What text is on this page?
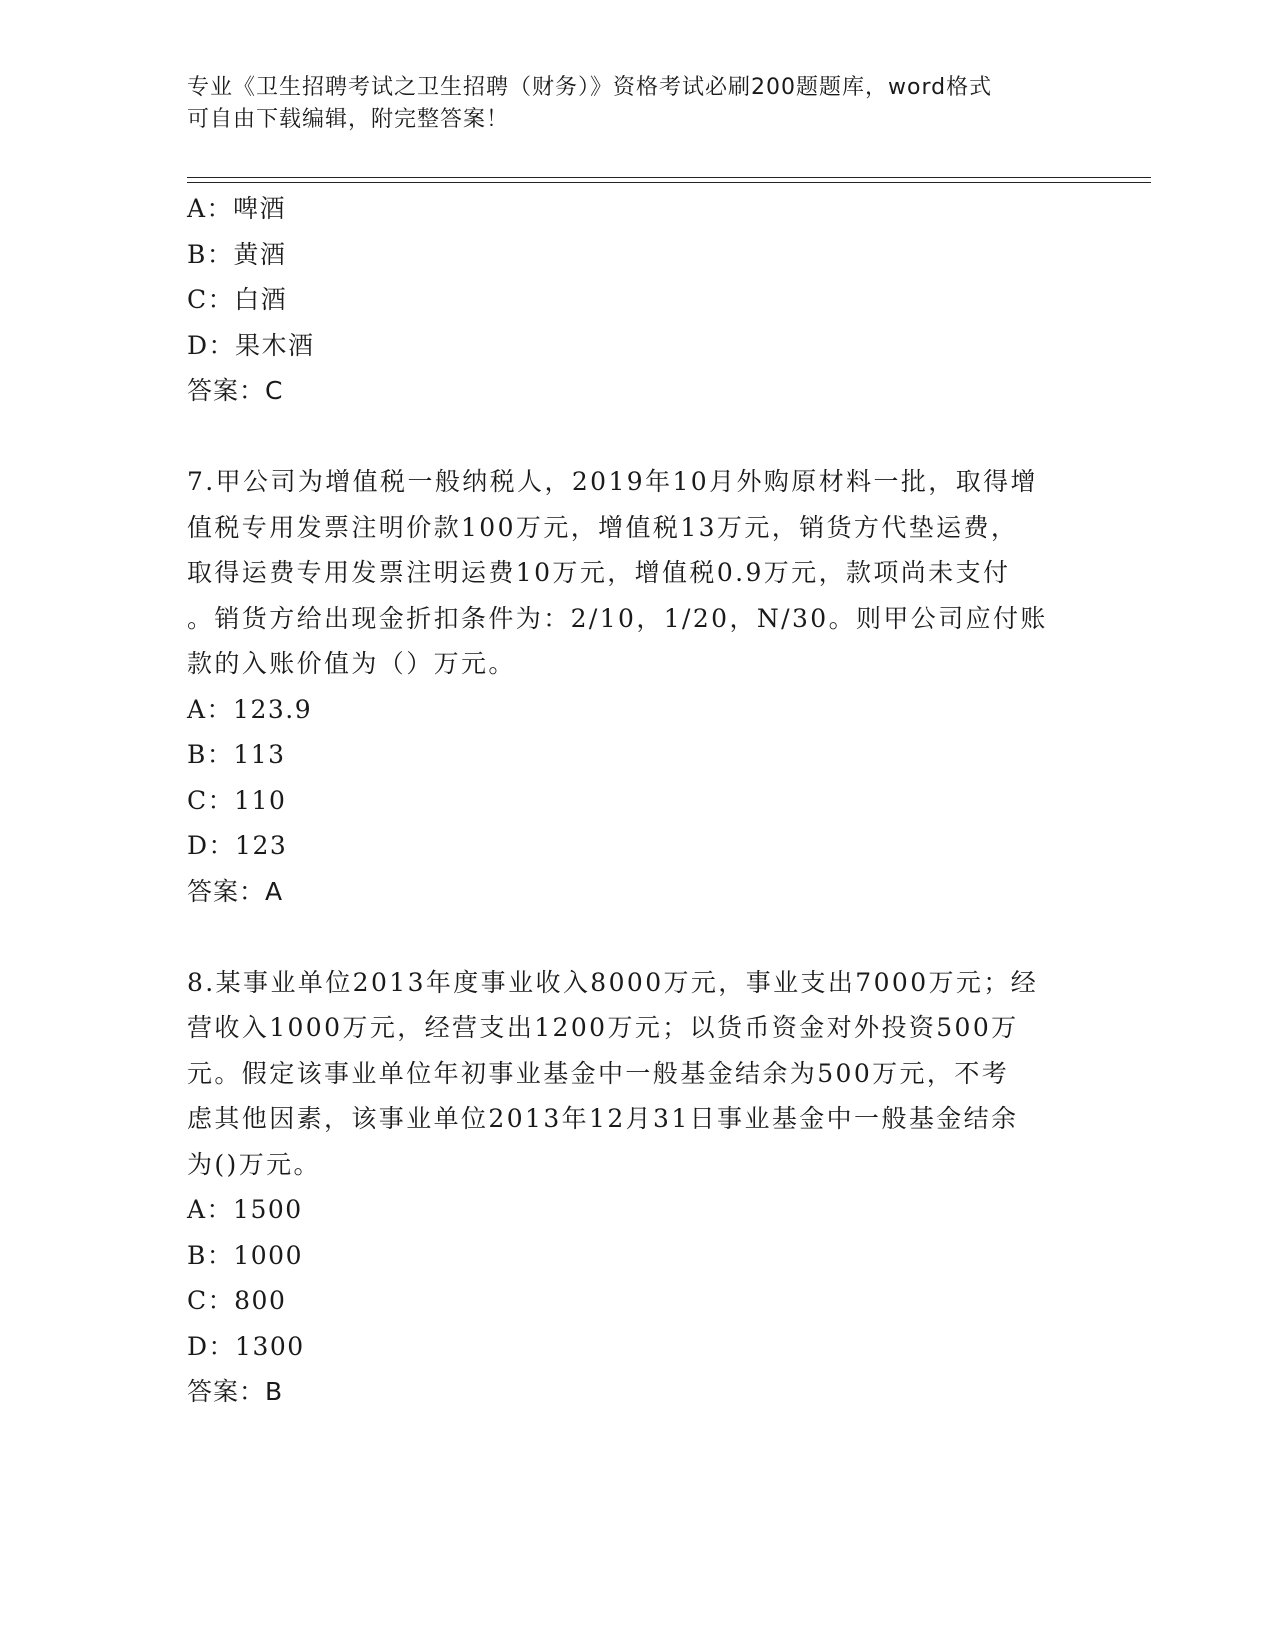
专业《卫生招聘考试之卫生招聘（财务）》资格考试必刷200题题库，word格式
可自由下载编辑，附完整答案！
A：啤酒
B：黄酒
C：白酒
D：果木酒
答案：C
7.甲公司为增值税一般纳税人，2019年10月外购原材料一批，取得增
值税专用发票注明价款100万元，增值税13万元，销货方代垫运费，
取得运费专用发票注明运费10万元，增值税0.9万元，款项尚未支付
。销货方给出现金折扣条件为：2/10，1/20，N/30。则甲公司应付账
款的入账价值为（）万元。
A：123.9
B：113
C：110
D：123
答案：A
8.某事业单位2013年度事业收入8000万元，事业支出7000万元；经
营收入1000万元，经营支出1200万元；以货币资金对外投资500万
元。假定该事业单位年初事业基金中一般基金结余为500万元，不考
虑其他因素，该事业单位2013年12月31日事业基金中一般基金结余
为()万元。
A：1500
B：1000
C：800
D：1300
答案：B
